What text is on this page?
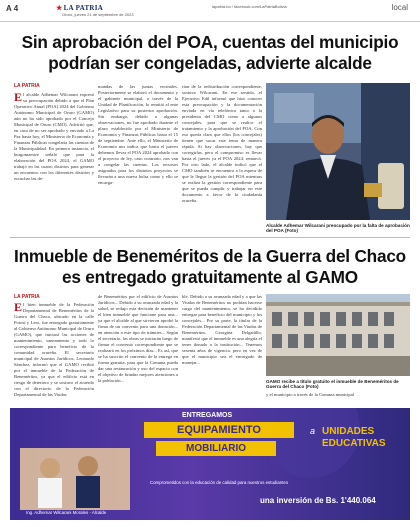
A 4	★LA PATRIA
Oruro, jueves 21 de septiembre de 2023
lapatria.bo / facebook.com/LaPatriaBolivia	local
Sin aprobación del POA, cuentas del municipio podrían ser congeladas, advierte alcalde
LA PATRIA
El alcalde Adhemar Wilcarani expresó su preocupación debido a que el Plan Operativo Anual (POA) 2024 del Gobierno Autónomo Municipal de Oruro (GAMO) aún no ha sido aprobado por el Concejo Municipal de Oruro (CMO). Advirtió que, en caso de no ser aprobado y enviado a La Paz hasta hoy, el Ministerio de Economía y Finanzas Públicas congelaría las cuentas de la Municipalidad. En primera instancia, el burgomaestre señaló que para la elaboración del POA 2024, el GAMO trabajó en las cuatro distritos para generar un encuentro con los diferentes distritos y escuchar las de-
mandas de las juntas vecinales. Posteriormente se elaboró el documento y el gabinete municipal, a través de la Unidad de Planificación, lo remitió al ente Legislativo para su posterior aprobación. Sin embargo, debido a algunas observaciones, no fue aprobado durante el plazo establecido por el Ministerio de Economía y Finanzas Públicas hasta el 15 de septiembre. Ante ello, el Ministerio de Economía nos indica que hasta el jueves debemos llevar el POA 2024 aprobado con el proyecto de ley, caso contrario, nos van a congelar las cuentas. Los recursos asignados para los distintos proyectos se llevarán a una nueva bolsa como y ello se encarga-
rían de la redistribución correspondiente, sostuvo Wilcarani. En ese sentido, el Ejecutivo Edil informó que hizo conocer esta preocupación y la documentación enviada en vía telefónica tanto a la presidenta del CMO como a algunos concejales, para que se realice el tratamiento y la aprobación del POA. Con eso quería claro que ellos (los concejales) tienen que sacar este tema de manera rápida. Si hay observaciones, hay que corregirlas, pero el compromiso es llevar hasta el jueves ya el POA 2024, remarcó. Por otro lado, el alcalde indicó que el CMO también se encuentra a la espera de que le llegue la gestión del POA mientras se realiza la gestión correspondiente para que se pueda cumplir y trabajar en este documento a favor de la ciudadanía orureña.
Alcalde Adhemar Wilcarani preocupado por la falta de aprobación del POA (Foto)
Inmueble de Beneméritos de la Guerra del Chaco es entregado gratuitamente al GAMO
LA PATRIA
El bien inmueble de la Federación Departamental de Beneméritos de la Guerra del Chaco, ubicado en la calle Potosí y Lero, fue entregado gratuitamente al Gobierno Autónomo Municipal de Oruro (GAMO), que iniciará las acciones de mantenimiento, saneamiento y todo lo correspondiente para beneficio de la comunidad orureña. El secretario municipal de Asuntos Jurídicos, Leonardo Sánchez, informó que el GAMO recibió por el inmueble de la Federación de Beneméritos, ya que el edificio está en riesgo de deterioro y se sostuvo el acuerdo con el directorio de la Federación Departamental de las Viudas
de Beneméritos por el edificio de Asuntos Jurídicos... Debido a su avanzada edad y la salud, se redujo esta decisión de mantener el bien inmueble que funcione para una... ya que el alcalde al que sirvieron aprobó la firma de un convenio para una donación... en atención a este tipo de trámites... Según el secretario, las obras se iniciarán luego de firmar el convenio correspondiente que se realizará en los próximos días... Es así, que se ha suscrito el convenio de la entrega en forma gratuita, para que la Comuna pueda dar una restauración y uso del espacio con el objetivo de brindar mejores atenciones a la población...
ble. Debido a su avanzada edad y a que las Viudas de Beneméritos no podrían hacerse cargo del mantenimiento, se ha decidido entregar para beneficio del municipio y los concejales... Por su parte, la titular de la Federación Departamental de las Viudas de Beneméritos, Georgina Delgadillo, manifestó que el inmueble es una alegría el tener donado a la institución... Tenemos sesenta años de vigencia, pero en vez de que el municipio sea el encargado de manejar...
GAMO recibe a título gratuito el inmueble de Beneméritos de Guerra del Chaco (Foto)
y el municipio a través de la Comuna municipal
ENTREGAMOS
EQUIPAMIENTO
MOBILIARIO
a UNIDADES
EDUCATIVAS
Comprometidos con la educación de calidad para nuestros estudiantes
una inversión de Bs. 1'440.064
Ing. Adhemar Wilcarani Morales - Alcalde
